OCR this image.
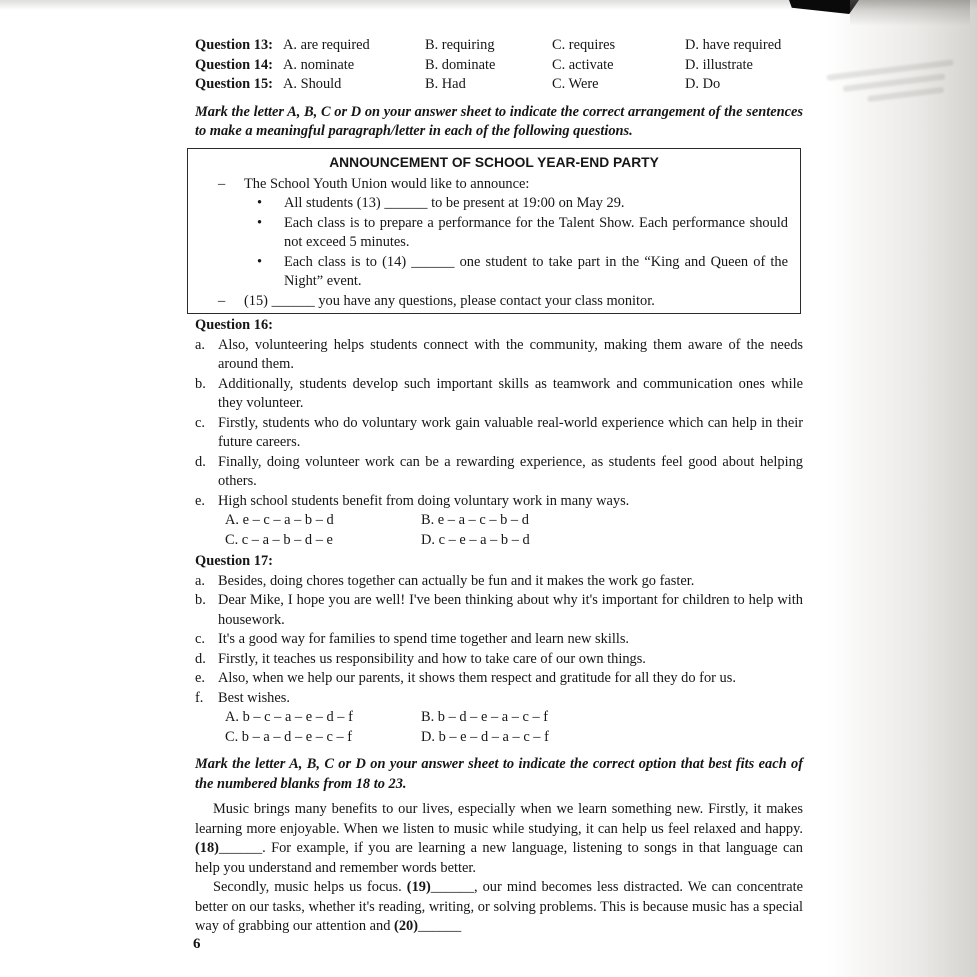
Question 13: A. are required	B. requiring	C. requires	D. have required
Question 14: A. nominate	B. dominate	C. activate	D. illustrate
Question 15: A. Should	B. Had	C. Were	D. Do
Mark the letter A, B, C or D on your answer sheet to indicate the correct arrangement of the sentences to make a meaningful paragraph/letter in each of the following questions.
ANNOUNCEMENT OF SCHOOL YEAR-END PARTY
–	The School Youth Union would like to announce:
•	All students (13) ______ to be present at 19:00 on May 29.
•	Each class is to prepare a performance for the Talent Show. Each performance should not exceed 5 minutes.
•	Each class is to (14) ______ one student to take part in the “King and Queen of the Night” event.
–	(15) ______ you have any questions, please contact your class monitor.
Question 16:
a. Also, volunteering helps students connect with the community, making them aware of the needs around them.
b. Additionally, students develop such important skills as teamwork and communication ones while they volunteer.
c. Firstly, students who do voluntary work gain valuable real-world experience which can help in their future careers.
d. Finally, doing volunteer work can be a rewarding experience, as students feel good about helping others.
e. High school students benefit from doing voluntary work in many ways.
A. e – c – a – b – d	B. e – a – c – b – d
C. c – a – b – d – e	D. c – e – a – b – d
Question 17:
a. Besides, doing chores together can actually be fun and it makes the work go faster.
b. Dear Mike, I hope you are well! I've been thinking about why it's important for children to help with housework.
c. It's a good way for families to spend time together and learn new skills.
d. Firstly, it teaches us responsibility and how to take care of our own things.
e. Also, when we help our parents, it shows them respect and gratitude for all they do for us.
f.	Best wishes.
A. b – c – a – e – d – f	B. b – d – e – a – c – f
C. b – a – d – e – c – f	D. b – e – d – a – c – f
Mark the letter A, B, C or D on your answer sheet to indicate the correct option that best fits each of the numbered blanks from 18 to 23.

Music brings many benefits to our lives, especially when we learn something new. Firstly, it makes learning more enjoyable. When we listen to music while studying, it can help us feel relaxed and happy. (18)______. For example, if you are learning a new language, listening to songs in that language can help you understand and remember words better.

Secondly, music helps us focus. (19)______, our mind becomes less distracted. We can concentrate better on our tasks, whether it's reading, writing, or solving problems. This is because music has a special way of grabbing our attention and (20)______

6
